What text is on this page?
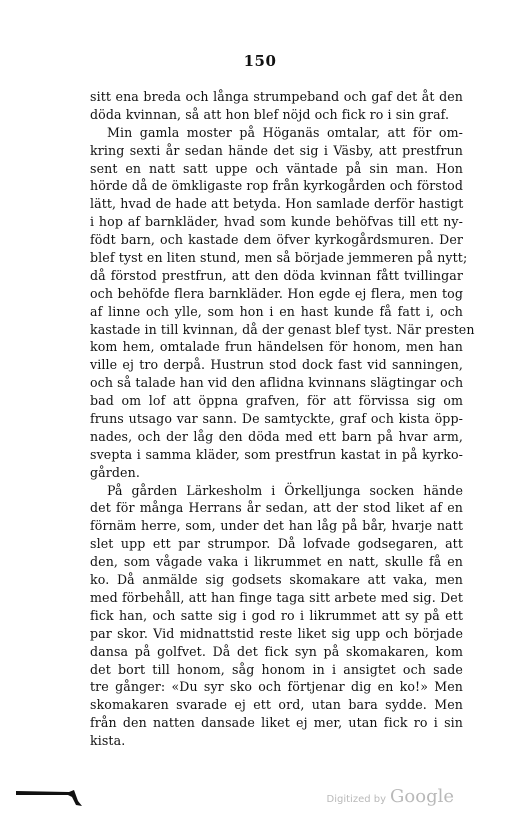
150
sitt ena breda och långa strumpeband och gaf det åt den
döda kvinnan, så att hon blef nöjd och fick ro i sin graf.
Min gamla moster på Höganäs omtalar, att för om-
kring sexti år sedan hände det sig i Väsby, att prestfrun
sent en natt satt uppe och väntade på sin man. Hon
hörde då de ömkligaste rop från kyrkogården och förstod
lätt, hvad de hade att betyda. Hon samlade derför hastigt
i hop af barnkläder, hvad som kunde behöfvas till ett ny-
födt barn, och kastade dem öfver kyrkogårdsmuren. Der
blef tyst en liten stund, men så började jemmeren på nytt;
då förstod prestfrun, att den döda kvinnan fått tvillingar
och behöfde flera barnkläder. Hon egde ej flera, men tog
af linne och ylle, som hon i en hast kunde få fatt i, och
kastade in till kvinnan, då der genast blef tyst. När presten
kom hem, omtalade frun händelsen för honom, men han
ville ej tro derpå. Hustrun stod dock fast vid sanningen,
och så talade han vid den aflidna kvinnans slägtingar och
bad om lof att öppna grafven, för att förvissa sig om
fruns utsago var sann. De samtyckte, graf och kista öpp-
nades, och der låg den döda med ett barn på hvar arm,
svepta i samma kläder, som prestfrun kastat in på kyrko-
gården.
På gården Lärkesholm i Örkelljunga socken hände
det för många Herrans år sedan, att der stod liket af en
förnäm herre, som, under det han låg på bår, hvarje natt
slet upp ett par strumpor. Då lofvade godsegaren, att
den, som vågade vaka i likrummet en natt, skulle få en
ko. Då anmälde sig godsets skomakare att vaka, men
med förbehåll, att han finge taga sitt arbete med sig. Det
fick han, och satte sig i god ro i likrummet att sy på ett
par skor. Vid midnattstid reste liket sig upp och började
dansa på golfvet. Då det fick syn på skomakaren, kom
det bort till honom, såg honom in i ansigtet och sade
tre gånger: «Du syr sko och förtjenar dig en ko!» Men
skomakaren svarade ej ett ord, utan bara sydde. Men
från den natten dansade liket ej mer, utan fick ro i sin
kista.
Digitized by Google
